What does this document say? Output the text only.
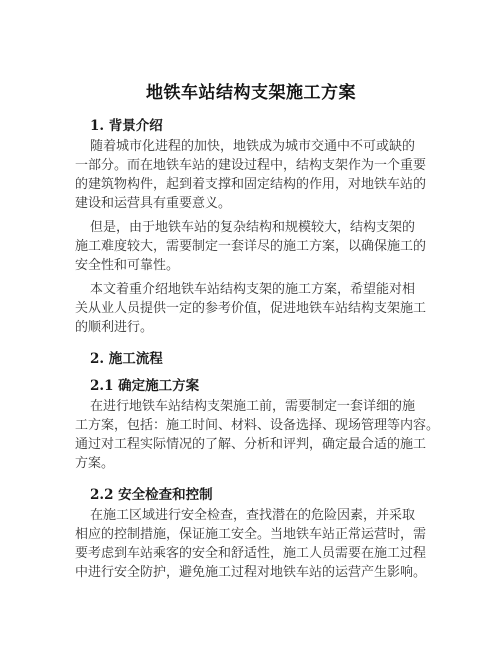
地铁车站结构支架施工方案
1. 背景介绍
随着城市化进程的加快，地铁成为城市交通中不可或缺的
一部分。而在地铁车站的建设过程中，结构支架作为一个重要
的建筑物构件，起到着支撑和固定结构的作用，对地铁车站的
建设和运营具有重要意义。
但是，由于地铁车站的复杂结构和规模较大，结构支架的
施工难度较大，需要制定一套详尽的施工方案，以确保施工的
安全性和可靠性。
本文着重介绍地铁车站结构支架的施工方案，希望能对相
关从业人员提供一定的参考价值，促进地铁车站结构支架施工
的顺利进行。
2. 施工流程
2.1 确定施工方案
在进行地铁车站结构支架施工前，需要制定一套详细的施
工方案，包括：施工时间、材料、设备选择、现场管理等内容。
通过对工程实际情况的了解、分析和评判，确定最合适的施工
方案。
2.2 安全检查和控制
在施工区域进行安全检查，查找潜在的危险因素，并采取
相应的控制措施，保证施工安全。当地铁车站正常运营时，需
要考虑到车站乘客的安全和舒适性，施工人员需要在施工过程
中进行安全防护，避免施工过程对地铁车站的运营产生影响。
